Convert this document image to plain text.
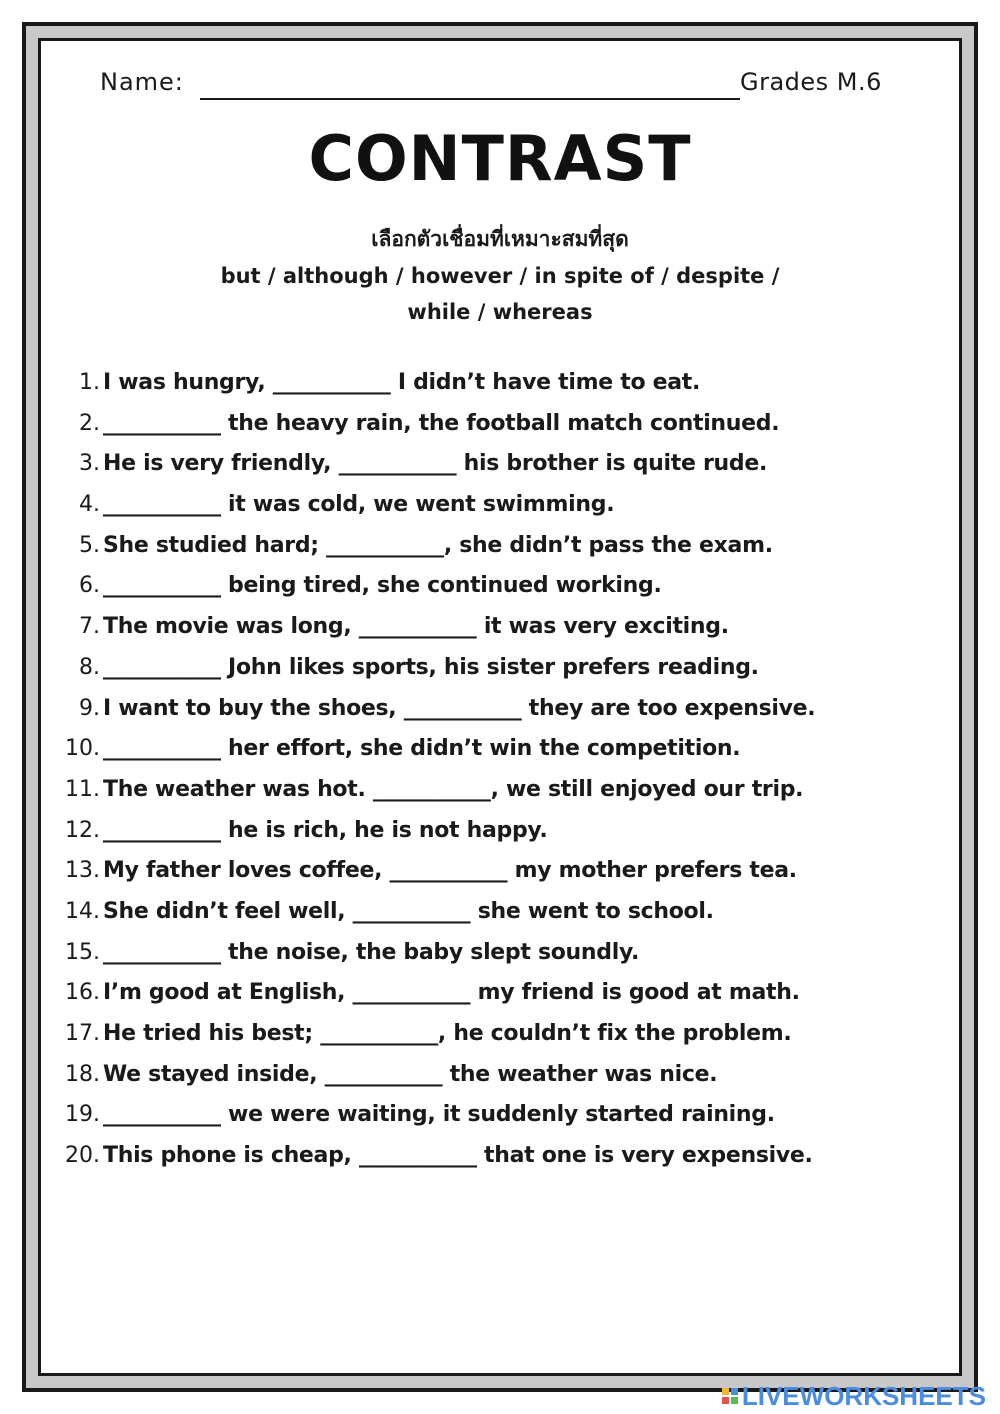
Name:	Grades M.6
CONTRAST
เลือกตัวเชื่อมที่เหมาะสมที่สุด
but / although / however / in spite of / despite /
while / whereas
1. I was hungry, ___________ I didn’t have time to eat.
2. ___________ the heavy rain, the football match continued.
3. He is very friendly, ___________ his brother is quite rude.
4. ___________ it was cold, we went swimming.
5. She studied hard; ___________, she didn’t pass the exam.
6. ___________ being tired, she continued working.
7. The movie was long, ___________ it was very exciting.
8. ___________ John likes sports, his sister prefers reading.
9. I want to buy the shoes, ___________ they are too expensive.
10. ___________ her effort, she didn’t win the competition.
11. The weather was hot. ___________, we still enjoyed our trip.
12. ___________ he is rich, he is not happy.
13. My father loves coffee, ___________ my mother prefers tea.
14. She didn’t feel well, ___________ she went to school.
15. ___________ the noise, the baby slept soundly.
16. I’m good at English, ___________ my friend is good at math.
17. He tried his best; ___________, he couldn’t fix the problem.
18. We stayed inside, ___________ the weather was nice.
19. ___________ we were waiting, it suddenly started raining.
20. This phone is cheap, ___________ that one is very expensive.
LIVEWORKSHEETS
